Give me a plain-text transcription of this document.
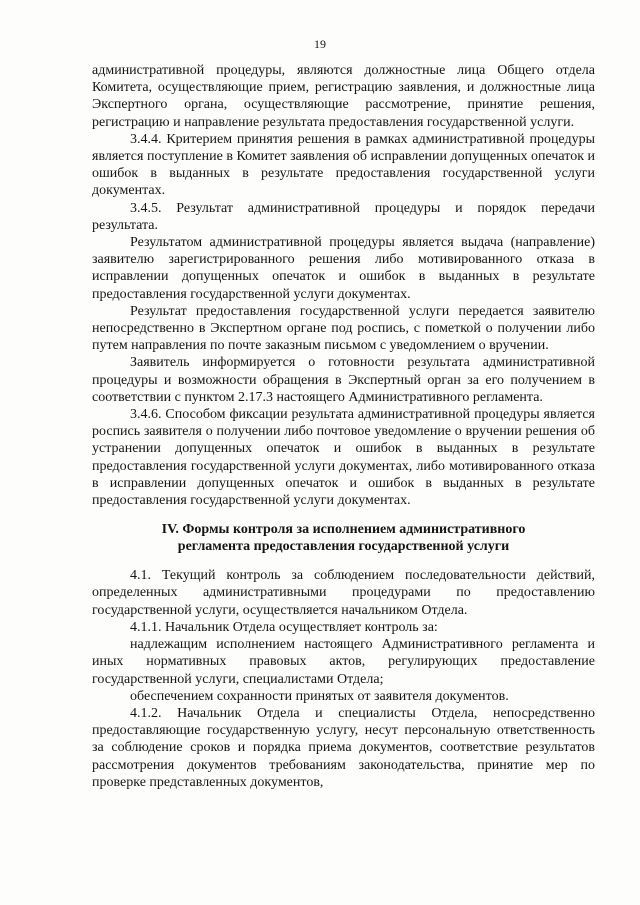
19

административной процедуры, являются должностные лица Общего отдела Комитета, осуществляющие прием, регистрацию заявления, и должностные лица Экспертного органа, осуществляющие рассмотрение, принятие решения, регистрацию и направление результата предоставления государственной услуги.

3.4.4. Критерием принятия решения в рамках административной процедуры является поступление в Комитет заявления об исправлении допущенных опечаток и ошибок в выданных в результате предоставления государственной услуги документах.

3.4.5. Результат административной процедуры и порядок передачи результата.

Результатом административной процедуры является выдача (направление) заявителю зарегистрированного решения либо мотивированного отказа в исправлении допущенных опечаток и ошибок в выданных в результате предоставления государственной услуги документах.

Результат предоставления государственной услуги передается заявителю непосредственно в Экспертном органе под роспись, с пометкой о получении либо путем направления по почте заказным письмом с уведомлением о вручении.

Заявитель информируется о готовности результата административной процедуры и возможности обращения в Экспертный орган за его получением в соответствии с пунктом 2.17.3 настоящего Административного регламента.

3.4.6. Способом фиксации результата административной процедуры является роспись заявителя о получении либо почтовое уведомление о вручении решения об устранении допущенных опечаток и ошибок в выданных в результате предоставления государственной услуги документах, либо мотивированного отказа в исправлении допущенных опечаток и ошибок в выданных в результате предоставления государственной услуги документах.

IV. Формы контроля за исполнением административного
регламента предоставления государственной услуги

4.1. Текущий контроль за соблюдением последовательности действий, определенных административными процедурами по предоставлению государственной услуги, осуществляется начальником Отдела.

4.1.1. Начальник Отдела осуществляет контроль за:

надлежащим исполнением настоящего Административного регламента и иных нормативных правовых актов, регулирующих предоставление государственной услуги, специалистами Отдела;

обеспечением сохранности принятых от заявителя документов.

4.1.2. Начальник Отдела и специалисты Отдела, непосредственно предоставляющие государственную услугу, несут персональную ответственность за соблюдение сроков и порядка приема документов, соответствие результатов рассмотрения документов требованиям законодательства, принятие мер по проверке представленных документов,
